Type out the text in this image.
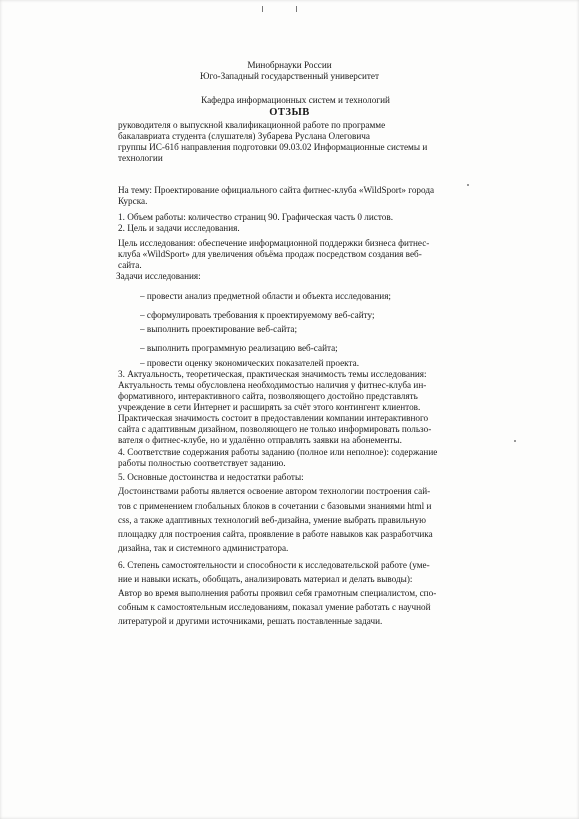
Минобрнауки России
Юго-Западный государственный университет
Кафедра информационных систем и технологий
ОТЗЫВ
руководителя о выпускной квалификационной работе по программе
бакалавриата студента (слушателя) Зубарева Руслана Олеговича
группы ИС-61б направления подготовки 09.03.02 Информационные системы и
технологии
На тему: Проектирование официального сайта фитнес-клуба «WildSport» города
Курска.
1. Объем работы: количество страниц 90. Графическая часть 0 листов.
2. Цель и задачи исследования.
Цель исследования: обеспечение информационной поддержки бизнеса фитнес-
клуба «WildSport» для увеличения объёма продаж посредством создания веб-
сайта.
Задачи исследования:
– провести анализ предметной области и объекта исследования;
– сформулировать требования к проектируемому веб-сайту;
– выполнить проектирование веб-сайта;
– выполнить программную реализацию веб-сайта;
– провести оценку экономических показателей проекта.
3. Актуальность, теоретическая, практическая значимость темы исследования:
Актуальность темы обусловлена необходимостью наличия у фитнес-клуба ин-
формативного, интерактивного сайта, позволяющего достойно представлять
учреждение в сети Интернет и расширять за счёт этого контингент клиентов.
Практическая значимость состоит в предоставлении компании интерактивного
сайта с адаптивным дизайном, позволяющего не только информировать пользо-
вателя о фитнес-клубе, но и удалённо отправлять заявки на абонементы.
4. Соответствие содержания работы заданию (полное или неполное): содержание
работы полностью соответствует заданию.
5. Основные достоинства и недостатки работы:
Достоинствами работы является освоение автором технологии построения сай-
тов с применением глобальных блоков в сочетании с базовыми знаниями html и
css, а также адаптивных технологий веб-дизайна, умение выбрать правильную
площадку для построения сайта, проявление в работе навыков как разработчика
дизайна, так и системного администратора.
6. Степень самостоятельности и способности к исследовательской работе (уме-
ние и навыки искать, обобщать, анализировать материал и делать выводы):
Автор во время выполнения работы проявил себя грамотным специалистом, спо-
собным к самостоятельным исследованиям, показал умение работать с научной
литературой и другими источниками, решать поставленные задачи.
